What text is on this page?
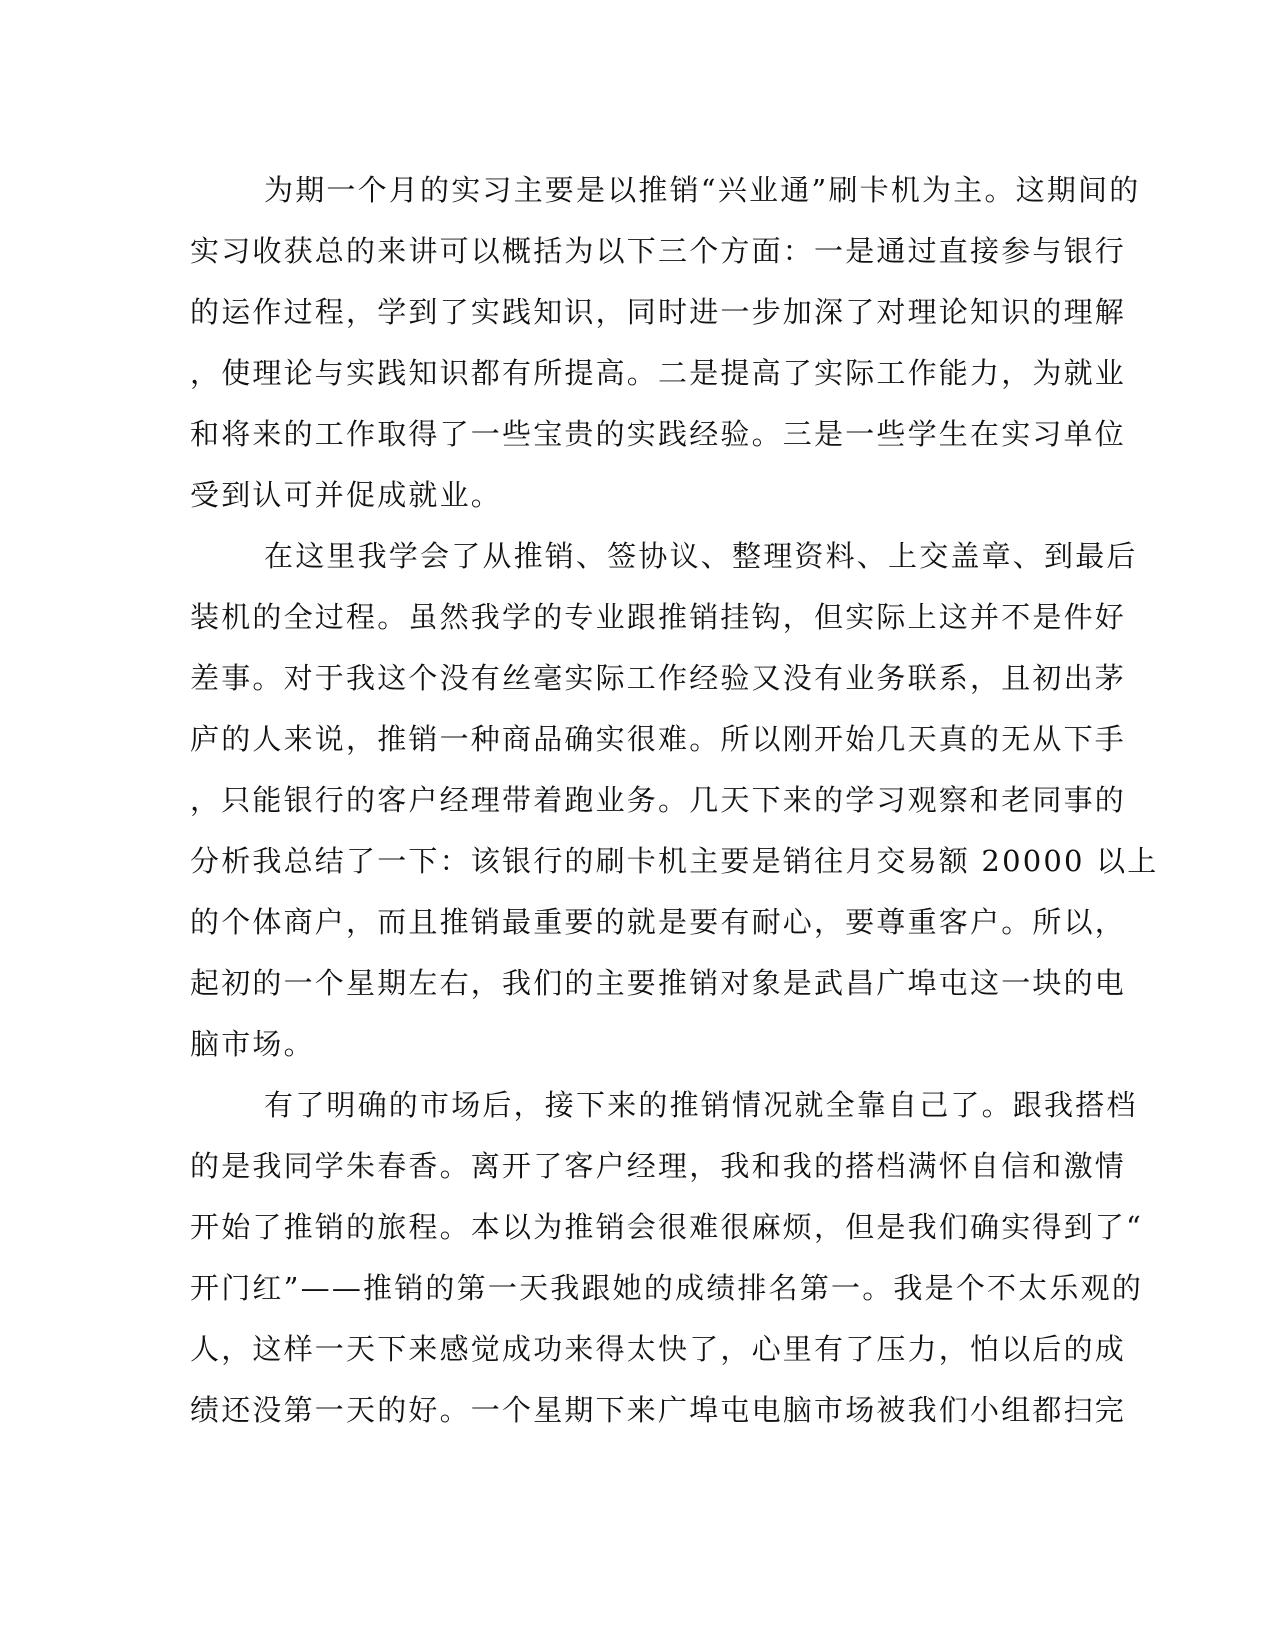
为期一个月的实习主要是以推销“兴业通”刷卡机为主。这期间的
实习收获总的来讲可以概括为以下三个方面：一是通过直接参与银行
的运作过程，学到了实践知识，同时进一步加深了对理论知识的理解
，使理论与实践知识都有所提高。二是提高了实际工作能力，为就业
和将来的工作取得了一些宝贵的实践经验。三是一些学生在实习单位
受到认可并促成就业。
在这里我学会了从推销、签协议、整理资料、上交盖章、到最后
装机的全过程。虽然我学的专业跟推销挂钩，但实际上这并不是件好
差事。对于我这个没有丝毫实际工作经验又没有业务联系，且初出茅
庐的人来说，推销一种商品确实很难。所以刚开始几天真的无从下手
，只能银行的客户经理带着跑业务。几天下来的学习观察和老同事的
分析我总结了一下：该银行的刷卡机主要是销往月交易额 20000 以上
的个体商户，而且推销最重要的就是要有耐心，要尊重客户。所以，
起初的一个星期左右，我们的主要推销对象是武昌广埠屯这一块的电
脑市场。
有了明确的市场后，接下来的推销情况就全靠自己了。跟我搭档
的是我同学朱春香。离开了客户经理，我和我的搭档满怀自信和激情
开始了推销的旅程。本以为推销会很难很麻烦，但是我们确实得到了“
开门红”——推销的第一天我跟她的成绩排名第一。我是个不太乐观的
人，这样一天下来感觉成功来得太快了，心里有了压力，怕以后的成
绩还没第一天的好。一个星期下来广埠屯电脑市场被我们小组都扫完
